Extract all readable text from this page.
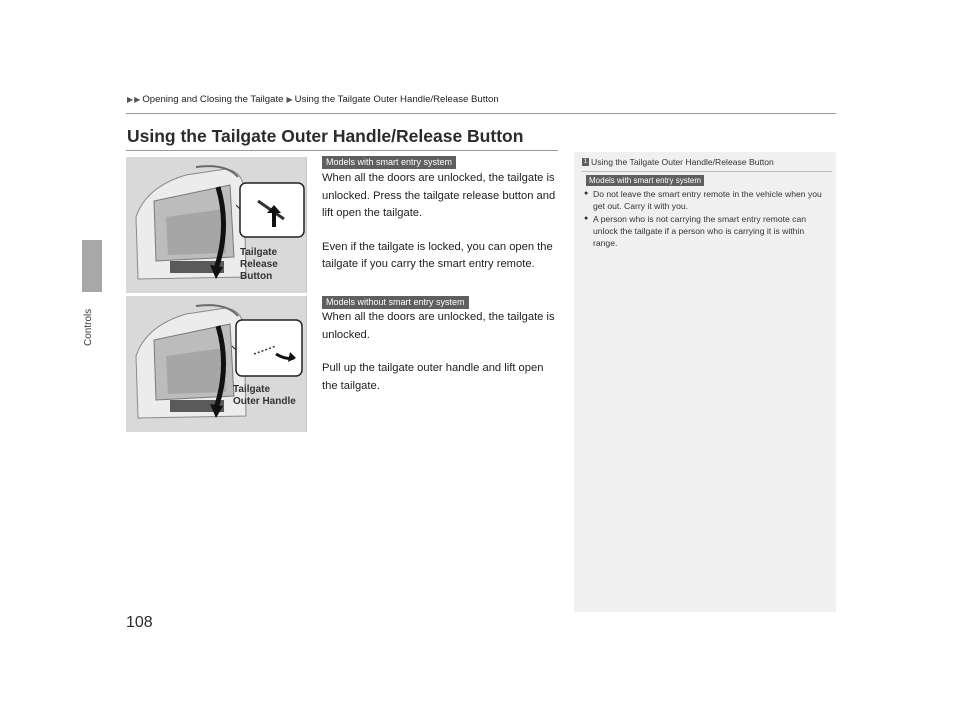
Controls
▶ ▶ Opening and Closing the Tailgate ▶ Using the Tailgate Outer Handle/Release Button
Using the Tailgate Outer Handle/Release Button
Tailgate
Release
Button
Tailgate
Outer Handle
Models with smart entry system

When all the doors are unlocked, the tailgate is unlocked. Press the tailgate release button and lift open the tailgate.

Even if the tailgate is locked, you can open the tailgate if you carry the smart entry remote.

Models without smart entry system

When all the doors are unlocked, the tailgate is unlocked.

Pull up the tailgate outer handle and lift open the tailgate.

1 Using the Tailgate Outer Handle/Release Button
Models with smart entry system
● Do not leave the smart entry remote in the vehicle when you get out. Carry it with you.
● A person who is not carrying the smart entry remote can unlock the tailgate if a person who is carrying it is within range.
108
